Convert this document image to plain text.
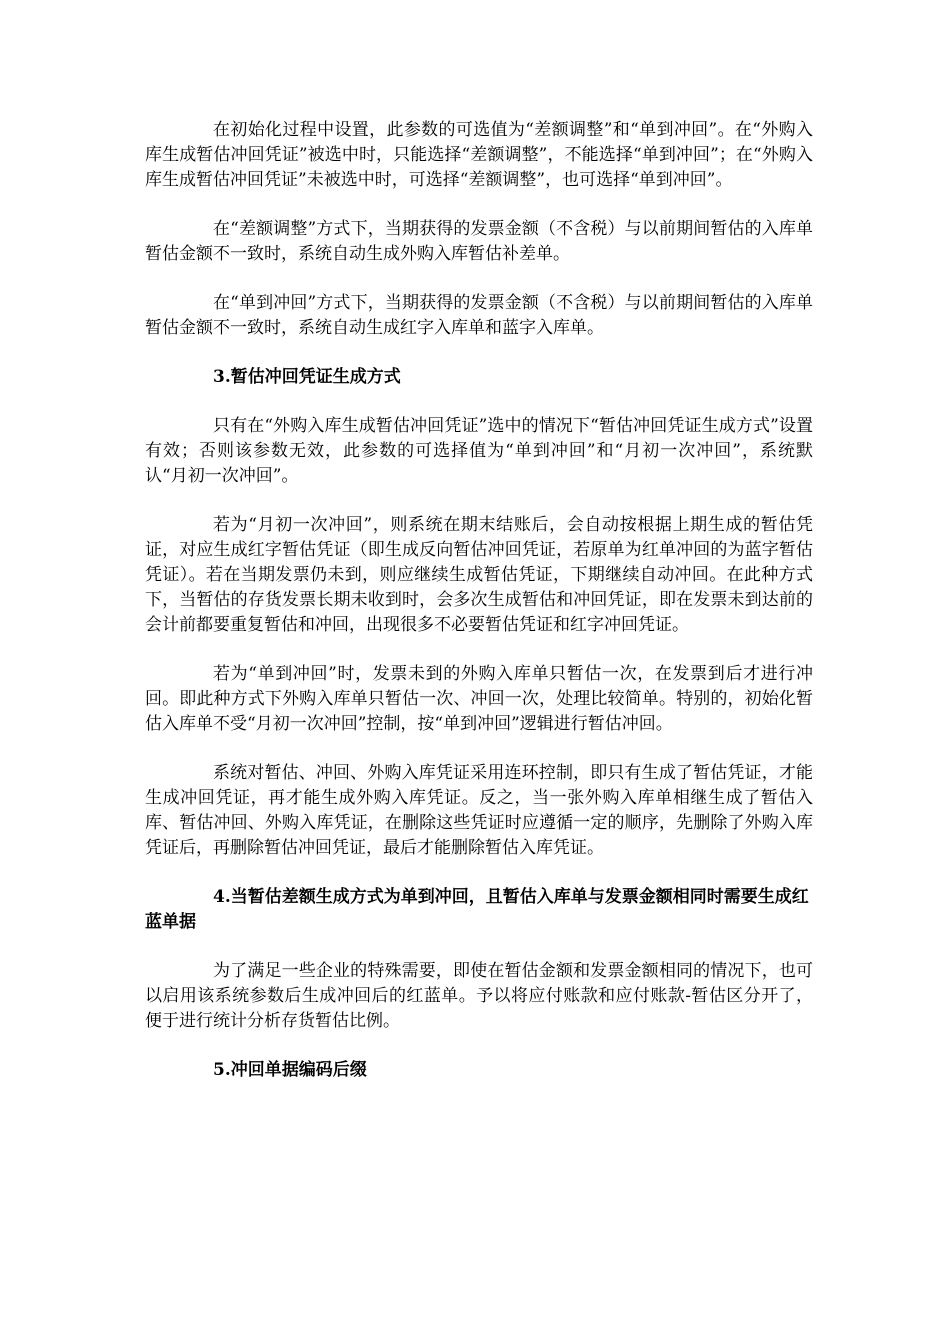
在初始化过程中设置，此参数的可选值为“差额调整”和“单到冲回”。在“外购入库生成暂估冲回凭证”被选中时，只能选择“差额调整”，不能选择“单到冲回”；在“外购入库生成暂估冲回凭证”未被选中时，可选择“差额调整”，也可选择“单到冲回”。

在“差额调整”方式下，当期获得的发票金额（不含税）与以前期间暂估的入库单暂估金额不一致时，系统自动生成外购入库暂估补差单。

在“单到冲回”方式下，当期获得的发票金额（不含税）与以前期间暂估的入库单暂估金额不一致时，系统自动生成红字入库单和蓝字入库单。

3.暂估冲回凭证生成方式

只有在“外购入库生成暂估冲回凭证”选中的情况下“暂估冲回凭证生成方式”设置有效；否则该参数无效，此参数的可选择值为“单到冲回”和“月初一次冲回”，系统默认“月初一次冲回”。

若为“月初一次冲回”，则系统在期末结账后，会自动按根据上期生成的暂估凭证，对应生成红字暂估凭证（即生成反向暂估冲回凭证，若原单为红单冲回的为蓝字暂估凭证）。若在当期发票仍未到，则应继续生成暂估凭证，下期继续自动冲回。在此种方式下，当暂估的存货发票长期未收到时，会多次生成暂估和冲回凭证，即在发票未到达前的会计前都要重复暂估和冲回，出现很多不必要暂估凭证和红字冲回凭证。

若为“单到冲回”时，发票未到的外购入库单只暂估一次，在发票到后才进行冲回。即此种方式下外购入库单只暂估一次、冲回一次，处理比较简单。特别的，初始化暂估入库单不受“月初一次冲回”控制，按“单到冲回”逻辑进行暂估冲回。

系统对暂估、冲回、外购入库凭证采用连环控制，即只有生成了暂估凭证，才能生成冲回凭证，再才能生成外购入库凭证。反之，当一张外购入库单相继生成了暂估入库、暂估冲回、外购入库凭证，在删除这些凭证时应遵循一定的顺序，先删除了外购入库凭证后，再删除暂估冲回凭证，最后才能删除暂估入库凭证。

4.当暂估差额生成方式为单到冲回，且暂估入库单与发票金额相同时需要生成红蓝单据

为了满足一些企业的特殊需要，即使在暂估金额和发票金额相同的情况下，也可以启用该系统参数后生成冲回后的红蓝单。予以将应付账款和应付账款-暂估区分开了，便于进行统计分析存货暂估比例。

5.冲回单据编码后缀
